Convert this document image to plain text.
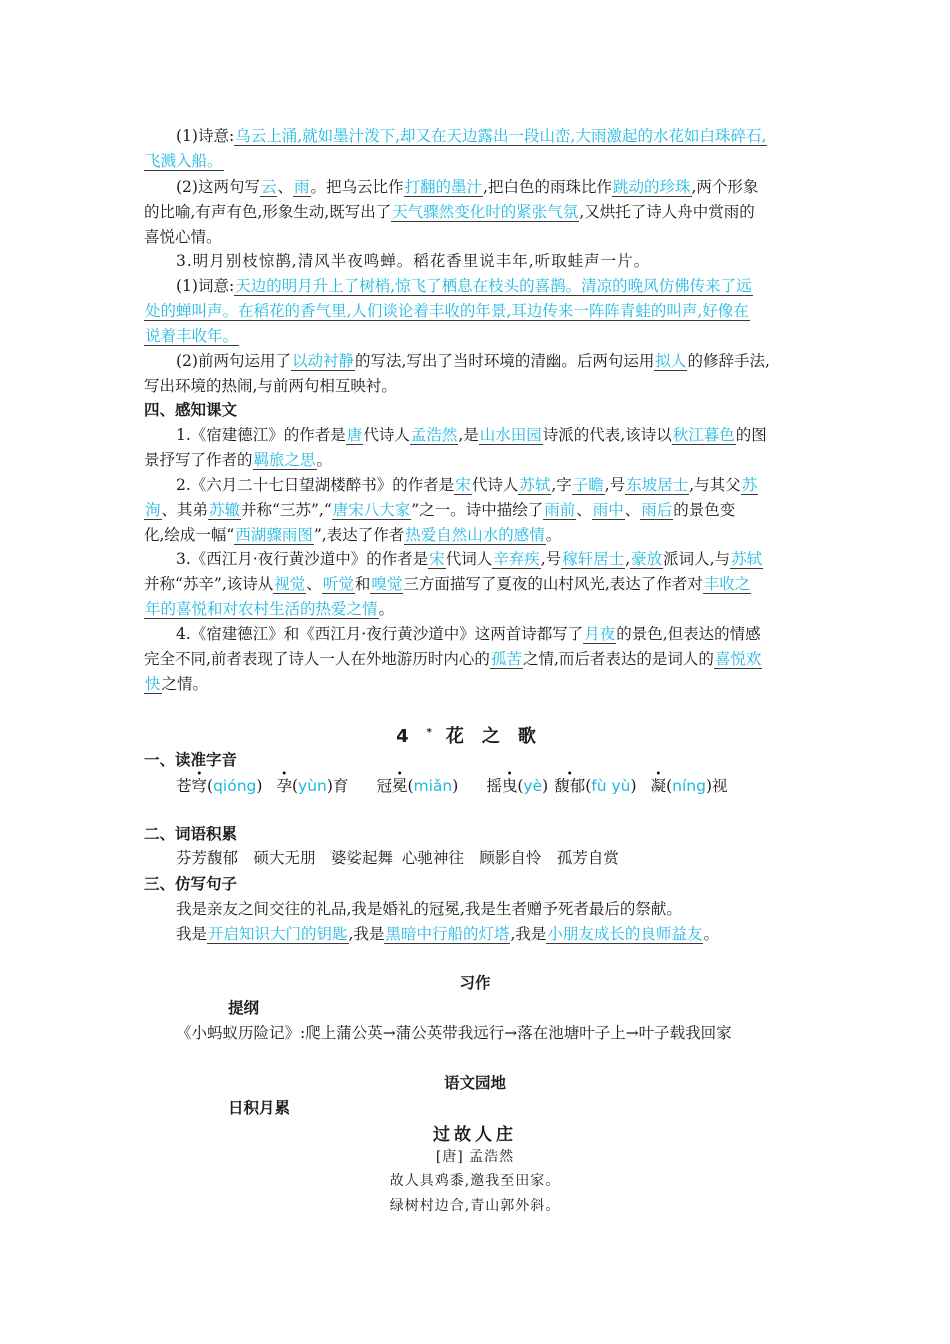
(1)诗意:乌云上涌,就如墨汁泼下,却又在天边露出一段山峦,大雨激起的水花如白珠碎石,
飞溅入船。
(2)这两句写云、雨。把乌云比作打翻的墨汁,把白色的雨珠比作跳动的珍珠,两个形象
的比喻,有声有色,形象生动,既写出了天气骤然变化时的紧张气氛,又烘托了诗人舟中赏雨的
喜悦心情。
3.明月别枝惊鹊,清风半夜鸣蝉。稻花香里说丰年,听取蛙声一片。
(1)词意:天边的明月升上了树梢,惊飞了栖息在枝头的喜鹊。清凉的晚风仿佛传来了远
处的蝉叫声。在稻花的香气里,人们谈论着丰收的年景,耳边传来一阵阵青蛙的叫声,好像在
说着丰收年。
(2)前两句运用了以动衬静的写法,写出了当时环境的清幽。后两句运用拟人的修辞手法,
写出环境的热闹,与前两句相互映衬。
四、感知课文
1.《宿建德江》的作者是唐代诗人孟浩然,是山水田园诗派的代表,该诗以秋江暮色的图
景抒写了作者的羁旅之思。
2.《六月二十七日望湖楼醉书》的作者是宋代诗人苏轼,字子瞻,号东坡居士,与其父苏
洵、其弟苏辙并称“三苏”,“唐宋八大家”之一。诗中描绘了雨前、雨中、雨后的景色变
化,绘成一幅“西湖骤雨图”,表达了作者热爱自然山水的感情。
3.《西江月·夜行黄沙道中》的作者是宋代词人辛弃疾,号稼轩居士,豪放派词人,与苏轼
并称“苏辛”,该诗从视觉、听觉和嗅觉三方面描写了夏夜的山村风光,表达了作者对丰收之
年的喜悦和对农村生活的热爱之情。
4.《宿建德江》和《西江月·夜行黄沙道中》这两首诗都写了月夜的景色,但表达的情感
完全不同,前者表现了诗人一人在外地游历时内心的孤苦之情,而后者表达的是词人的喜悦欢
快之情。
4* 花之歌
一、读准字音
苍穹(qióng) 孕(yùn)育 冠冕(miǎn) 摇曳(yè) 馥郁(fù yù) 凝(níng)视
二、词语积累
芬芳馥郁　硕大无朋　婆娑起舞 心驰神往　顾影自怜　孤芳自赏
三、仿写句子
我是亲友之间交往的礼品,我是婚礼的冠冕,我是生者赠予死者最后的祭献。
我是开启知识大门的钥匙,我是黑暗中行船的灯塔,我是小朋友成长的良师益友。
习作
提纲
《小蚂蚁历险记》:爬上蒲公英→蒲公英带我远行→落在池塘叶子上→叶子载我回家
语文园地
日积月累
过故人庄
[唐] 孟浩然
故人具鸡黍,邀我至田家。
绿树村边合,青山郭外斜。
